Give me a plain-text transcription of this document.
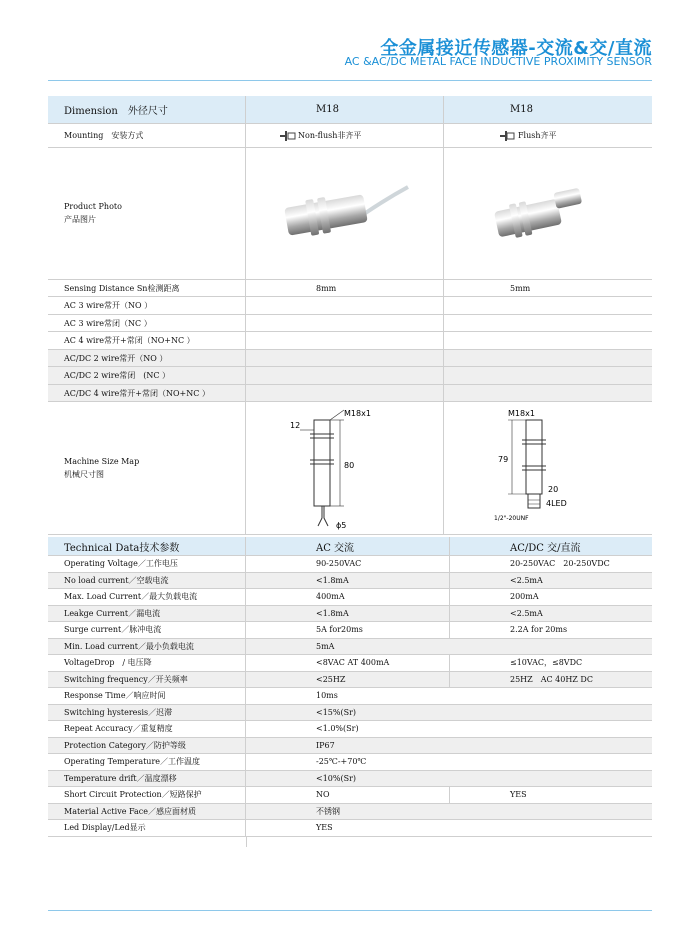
全金属接近传感器-交流&交/直流
AC &AC/DC METAL FACE INDUCTIVE PROXIMITY SENSOR
Dimension　外径尺寸	M18	M18
Mounting　安装方式	Non-flush非齐平	Flush齐平
Product Photo
产品图片
Sensing Distance Sn检测距离	8mm	5mm
AC 3 wire常开（NO ）
AC 3 wire常闭（NC ）
AC 4 wire常开+常闭（NO+NC ）
AC/DC 2 wire常开（NO ）
AC/DC 2 wire常闭　(NC ）
AC/DC 4 wire常开+常闭（NO+NC ）
Machine Size Map
机械尺寸图
M18x1
12
80
ϕ5
M18x1
79
20
4LED
1/2"-20UNF
Technical Data技术参数	AC 交流	AC/DC 交/直流
Operating Voltage／工作电压	90-250VAC	20-250VAC　20-250VDC
No load current／空载电流	<1.8mA	<2.5mA
Max. Load Current／最大负载电流	400mA	200mA
Leakge Current／漏电流	<1.8mA	<2.5mA
Surge current／脉冲电流	5A for20ms	2.2A for 20ms
Min. Load current／最小负载电流	5mA
VoltageDrop　/ 电压降	<8VAC AT 400mA	≤10VAC，≤8VDC
Switching frequency／开关频率	<25HZ	25HZ　AC 40HZ DC
Response Time／响应时间	10ms
Switching hysteresis／迟滞	<15%(Sr)
Repeat Accuracy／重复精度	<1.0%(Sr)
Protection Category／防护等级	IP67
Operating Temperature／工作温度	-25℃-+70℃
Temperature drift／温度漂移	<10%(Sr)
Short Circuit Protection／短路保护	NO	YES
Material Active Face／感应面材质	不锈钢
Led Display/Led显示	YES
